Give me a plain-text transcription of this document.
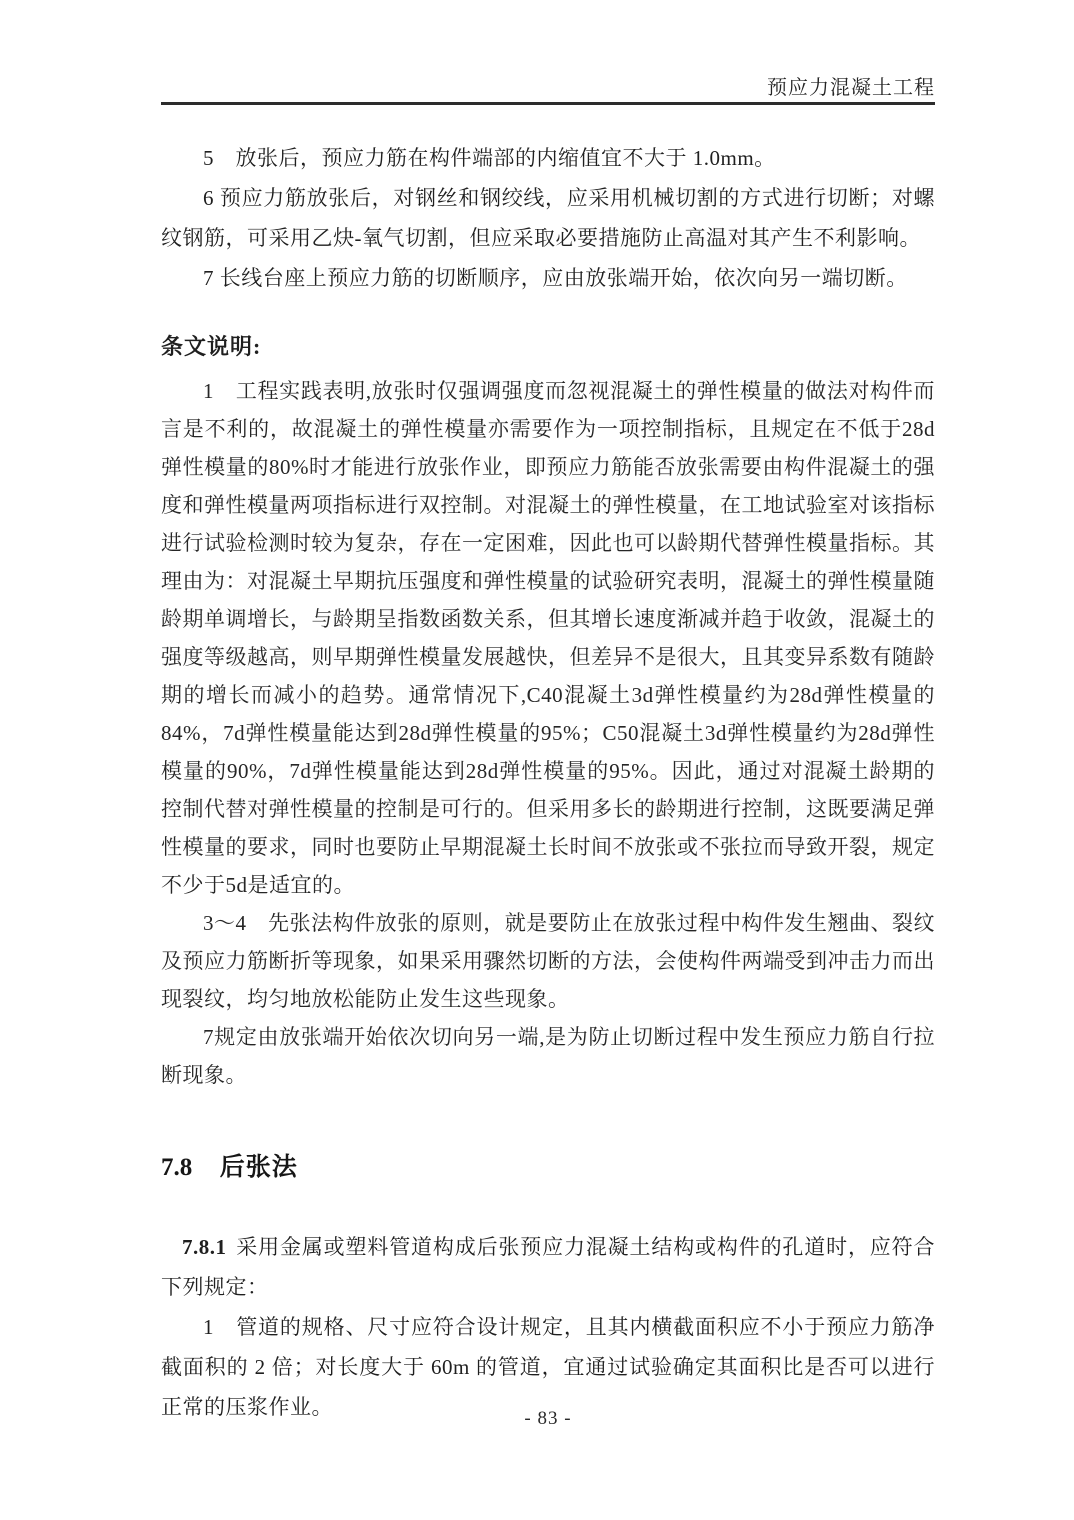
预应力混凝土工程

5　放张后，预应力筋在构件端部的内缩值宜不大于 1.0mm。

6 预应力筋放张后，对钢丝和钢绞线，应采用机械切割的方式进行切断；对螺纹钢筋，可采用乙炔-氧气切割，但应采取必要措施防止高温对其产生不利影响。

7 长线台座上预应力筋的切断顺序，应由放张端开始，依次向另一端切断。

条文说明:

1　工程实践表明,放张时仅强调强度而忽视混凝土的弹性模量的做法对构件而言是不利的，故混凝土的弹性模量亦需要作为一项控制指标，且规定在不低于28d弹性模量的80%时才能进行放张作业，即预应力筋能否放张需要由构件混凝土的强度和弹性模量两项指标进行双控制。对混凝土的弹性模量，在工地试验室对该指标进行试验检测时较为复杂，存在一定困难，因此也可以龄期代替弹性模量指标。其理由为：对混凝土早期抗压强度和弹性模量的试验研究表明，混凝土的弹性模量随龄期单调增长，与龄期呈指数函数关系，但其增长速度渐减并趋于收敛，混凝土的强度等级越高，则早期弹性模量发展越快，但差异不是很大，且其变异系数有随龄期的增长而减小的趋势。通常情况下,C40混凝土3d弹性模量约为28d弹性模量的84%，7d弹性模量能达到28d弹性模量的95%；C50混凝土3d弹性模量约为28d弹性模量的90%，7d弹性模量能达到28d弹性模量的95%。因此，通过对混凝土龄期的控制代替对弹性模量的控制是可行的。但采用多长的龄期进行控制，这既要满足弹性模量的要求，同时也要防止早期混凝土长时间不放张或不张拉而导致开裂，规定不少于5d是适宜的。

3～4　先张法构件放张的原则，就是要防止在放张过程中构件发生翘曲、裂纹及预应力筋断折等现象，如果采用骤然切断的方法，会使构件两端受到冲击力而出现裂纹，均匀地放松能防止发生这些现象。

7规定由放张端开始依次切向另一端,是为防止切断过程中发生预应力筋自行拉断现象。

7.8 后张法

7.8.1 采用金属或塑料管道构成后张预应力混凝土结构或构件的孔道时，应符合下列规定：

1　管道的规格、尺寸应符合设计规定，且其内横截面积应不小于预应力筋净截面积的 2 倍；对长度大于 60m 的管道，宜通过试验确定其面积比是否可以进行正常的压浆作业。	- 83 -
